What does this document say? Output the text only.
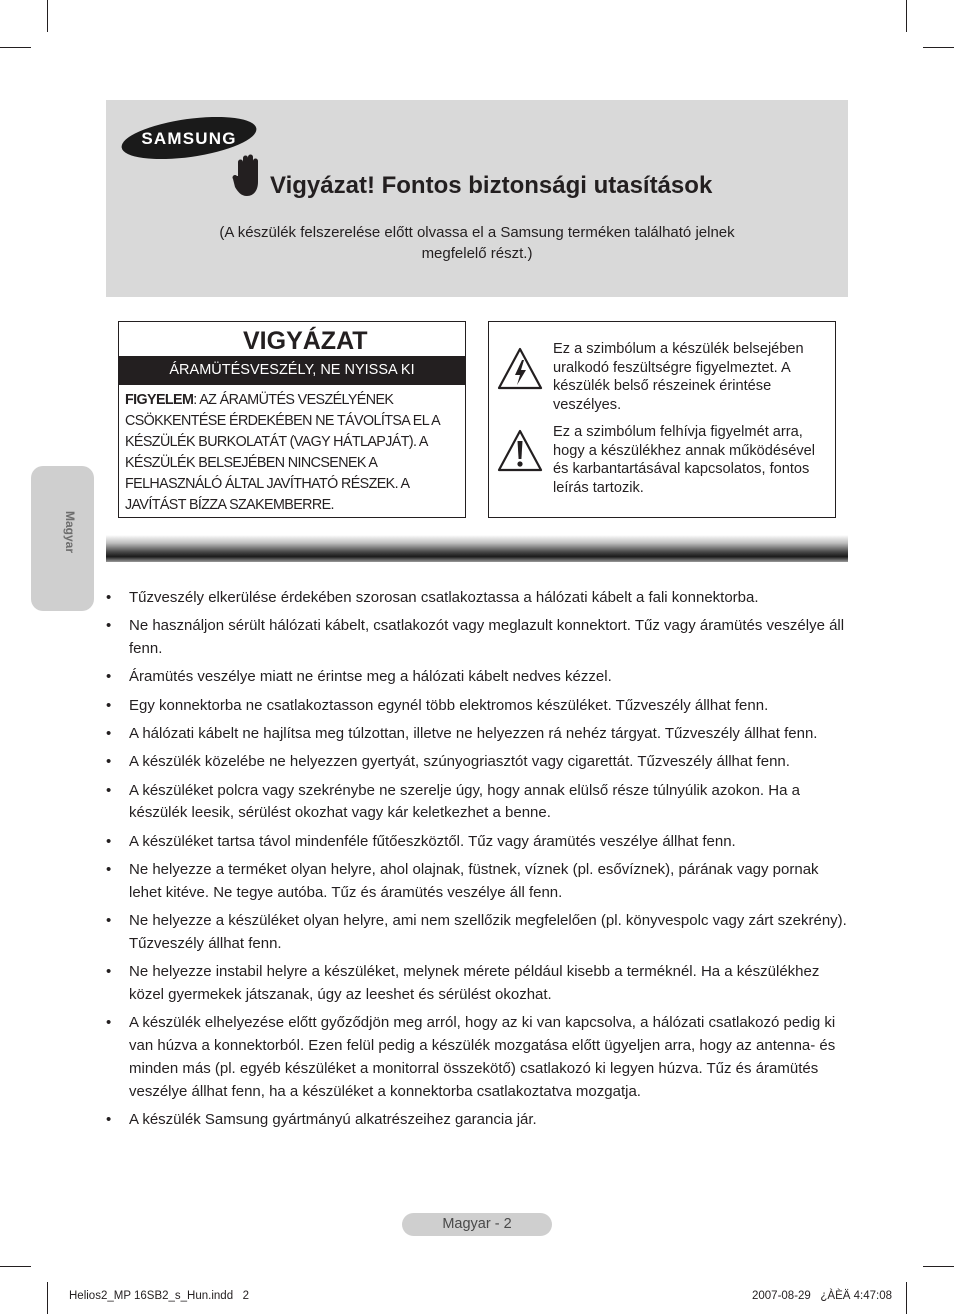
SAMSUNG
Vigyázat! Fontos biztonsági utasítások
(A készülék felszerelése előtt olvassa el a Samsung terméken található jelnek
megfelelő részt.)
VIGYÁZAT
ÁRAMÜTÉSVESZÉLY, NE NYISSA KI
FIGYELEM: AZ ÁRAMÜTÉS VESZÉLYÉNEK CSÖKKENTÉSE ÉRDEKÉBEN NE TÁVOLÍTSA EL A KÉSZÜLÉK BURKOLATÁT (VAGY HÁTLAPJÁT). A KÉSZÜLÉK BELSEJÉBEN NINCSENEK A FELHASZNÁLÓ ÁLTAL JAVÍTHATÓ RÉSZEK. A JAVÍTÁST BÍZZA SZAKEMBERRE.
Ez a szimbólum a készülék belsejében uralkodó feszültségre figyelmeztet. A készülék belső részeinek érintése veszélyes.
Ez a szimbólum felhívja figyelmét arra, hogy a készülékhez annak működésével és karbantartásával kapcsolatos, fontos leírás tartozik.
Magyar
• Tűzveszély elkerülése érdekében szorosan csatlakoztassa a hálózati kábelt a fali konnektorba.
• Ne használjon sérült hálózati kábelt, csatlakozót vagy meglazult konnektort. Tűz vagy áramütés veszélye áll fenn.
• Áramütés veszélye miatt ne érintse meg a hálózati kábelt nedves kézzel.
• Egy konnektorba ne csatlakoztasson egynél több elektromos készüléket. Tűzveszély állhat fenn.
• A hálózati kábelt ne hajlítsa meg túlzottan, illetve ne helyezzen rá nehéz tárgyat. Tűzveszély állhat fenn.
• A készülék közelébe ne helyezzen gyertyát, szúnyogriasztót vagy cigarettát. Tűzveszély állhat fenn.
• A készüléket polcra vagy szekrénybe ne szerelje úgy, hogy annak elülső része túlnyúlik azokon. Ha a készülék leesik, sérülést okozhat vagy kár keletkezhet a benne.
• A készüléket tartsa távol mindenféle fűtőeszköztől. Tűz vagy áramütés veszélye állhat fenn.
• Ne helyezze a terméket olyan helyre, ahol olajnak, füstnek, víznek (pl. esővíznek), párának vagy pornak lehet kitéve. Ne tegye autóba. Tűz és áramütés veszélye áll fenn.
• Ne helyezze a készüléket olyan helyre, ami nem szellőzik megfelelően (pl. könyvespolc vagy zárt szekrény). Tűzveszély állhat fenn.
• Ne helyezze instabil helyre a készüléket, melynek mérete például kisebb a terméknél. Ha a készülékhez közel gyermekek játszanak, úgy az leeshet és sérülést okozhat.
• A készülék elhelyezése előtt győződjön meg arról, hogy az ki van kapcsolva, a hálózati csatlakozó pedig ki van húzva a konnektorból. Ezen felül pedig a készülék mozgatása előtt ügyeljen arra, hogy az antenna- és minden más (pl. egyéb készüléket a monitorral összekötő) csatlakozó ki legyen húzva. Tűz és áramütés veszélye állhat fenn, ha a készüléket a konnektorba csatlakoztatva mozgatja.
• A készülék Samsung gyártmányú alkatrészeihez garancia jár.
Magyar - 2
Helios2_MP 16SB2_s_Hun.indd   2	2007-08-29   ¿ÀÈÄ 4:47:08
